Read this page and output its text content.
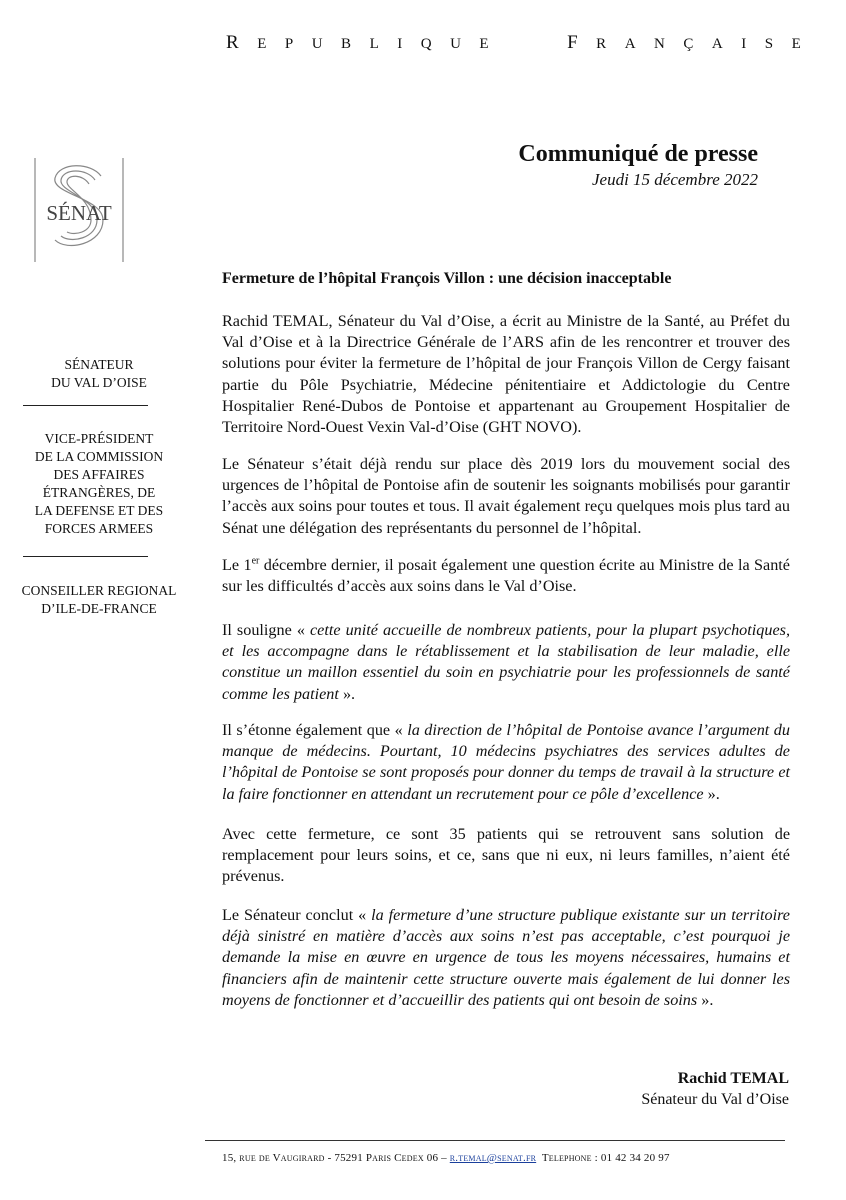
R E P U B L I Q U E	F R A N Ç A I S E
SÉNAT
Communiqué de presse
Jeudi 15 décembre 2022
SÉNATEUR
DU VAL D’OISE
VICE-PRÉSIDENT
DE LA COMMISSION
DES AFFAIRES
ÉTRANGÈRES, DE
LA DEFENSE ET DES
FORCES ARMEES
CONSEILLER REGIONAL
D’ILE-DE-FRANCE
Fermeture de l’hôpital François Villon : une décision inacceptable
Rachid TEMAL, Sénateur du Val d’Oise, a écrit au Ministre de la Santé, au Préfet du Val d’Oise et à la Directrice Générale de l’ARS afin de les rencontrer et trouver des solutions pour éviter la fermeture de l’hôpital de jour François Villon de Cergy faisant partie du Pôle Psychiatrie, Médecine pénitentiaire et Addictologie du Centre Hospitalier René-Dubos de Pontoise et appartenant au Groupement Hospitalier de Territoire Nord-Ouest Vexin Val-d’Oise (GHT NOVO).
Le Sénateur s’était déjà rendu sur place dès 2019 lors du mouvement social des urgences de l’hôpital de Pontoise afin de soutenir les soignants mobilisés pour garantir l’accès aux soins pour toutes et tous. Il avait également reçu quelques mois plus tard au Sénat une délégation des représentants du personnel de l’hôpital.
Le 1er décembre dernier, il posait également une question écrite au Ministre de la Santé sur les difficultés d’accès aux soins dans le Val d’Oise.
Il souligne « cette unité accueille de nombreux patients, pour la plupart psychotiques, et les accompagne dans le rétablissement et la stabilisation de leur maladie, elle constitue un maillon essentiel du soin en psychiatrie pour les professionnels de santé comme les patient ».
Il s’étonne également que « la direction de l’hôpital de Pontoise avance l’argument du manque de médecins. Pourtant, 10 médecins psychiatres des services adultes de l’hôpital de Pontoise se sont proposés pour donner du temps de travail à la structure et la faire fonctionner en attendant un recrutement pour ce pôle d’excellence ».
Avec cette fermeture, ce sont 35 patients qui se retrouvent sans solution de remplacement pour leurs soins, et ce, sans que ni eux, ni leurs familles, n’aient été prévenus.
Le Sénateur conclut « la fermeture d’une structure publique existante sur un territoire déjà sinistré en matière d’accès aux soins n’est pas acceptable, c’est pourquoi je demande la mise en œuvre en urgence de tous les moyens nécessaires, humains et financiers afin de maintenir cette structure ouverte mais également de lui donner les moyens de fonctionner et d’accueillir des patients qui ont besoin de soins ».
Rachid TEMAL
Sénateur du Val d’Oise
15, rue de Vaugirard - 75291 Paris Cedex 06 – r.temal@senat.fr  Telephone : 01 42 34 20 97
